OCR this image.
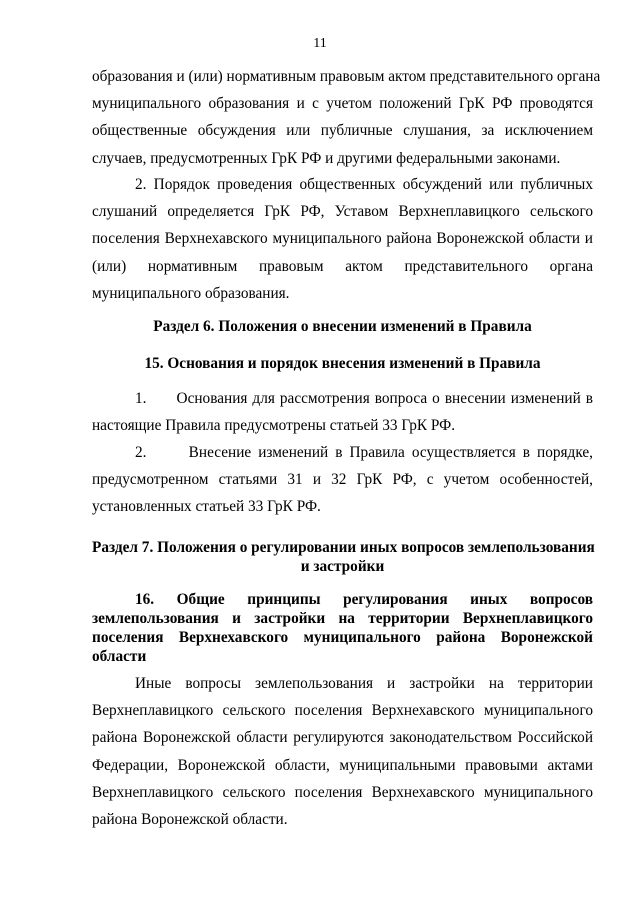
11
образования и (или) нормативным правовым актом представительного органа
муниципального образования и с учетом положений ГрК РФ проводятся
общественные обсуждения или публичные слушания, за исключением
случаев, предусмотренных ГрК РФ и другими федеральными законами.
2. Порядок проведения общественных обсуждений или публичных
слушаний определяется ГрК РФ, Уставом Верхнеплавицкого сельского
поселения Верхнехавского муниципального района Воронежской области и
(или) нормативным правовым актом представительного органа
муниципального образования.
Раздел 6. Положения о внесении изменений в Правила
15. Основания и порядок внесения изменений в Правила
1.      Основания для рассмотрения вопроса о внесении изменений в
настоящие Правила предусмотрены статьей 33 ГрК РФ.
2.      Внесение изменений в Правила осуществляется в порядке,
предусмотренном статьями 31 и 32 ГрК РФ, с учетом особенностей,
установленных статьей 33 ГрК РФ.
Раздел 7. Положения о регулировании иных вопросов землепользования
и застройки
16. Общие принципы регулирования иных вопросов
землепользования и застройки на территории Верхнеплавицкого
поселения Верхнехавского муниципального района Воронежской
области
Иные вопросы землепользования и застройки на территории
Верхнеплавицкого сельского поселения Верхнехавского муниципального
района Воронежской области регулируются законодательством Российской
Федерации, Воронежской области, муниципальными правовыми актами
Верхнеплавицкого сельского поселения Верхнехавского муниципального
района Воронежской области.
